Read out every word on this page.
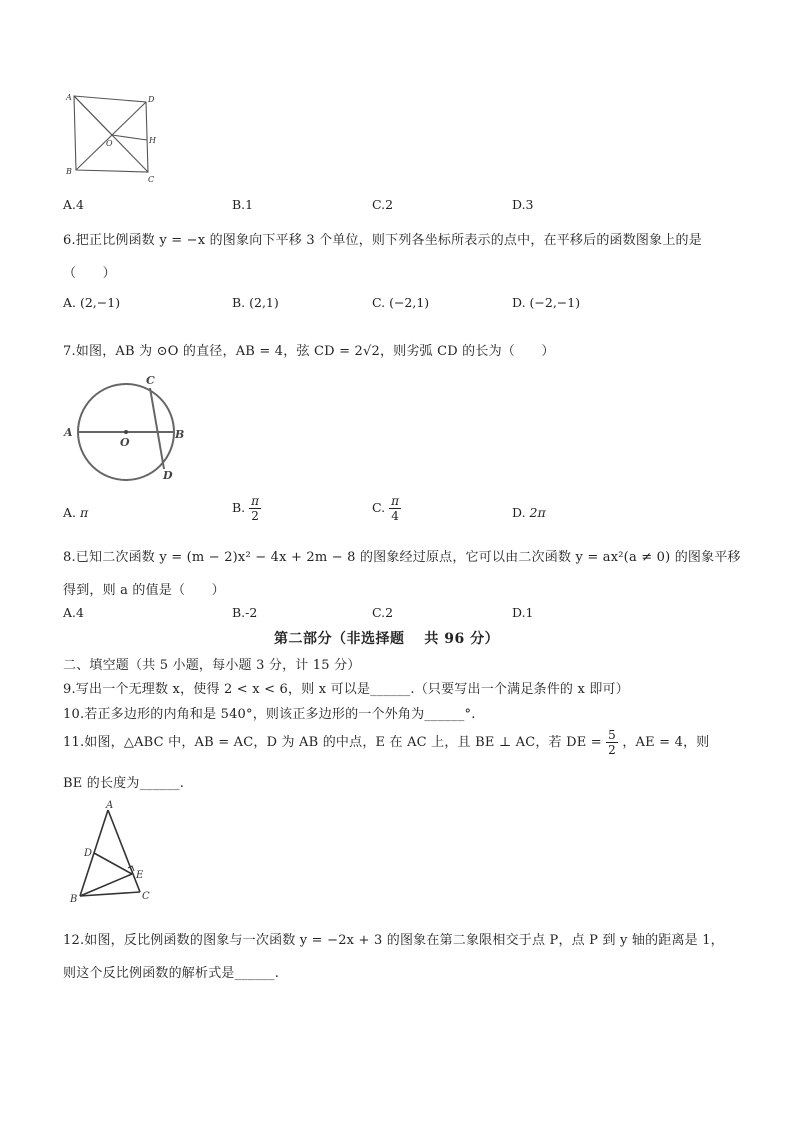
A	D
O	H
B
C
A.4	B.1	C.2	D.3
6.把正比例函数 y = −x 的图象向下平移 3 个单位，则下列各坐标所表示的点中，在平移后的函数图象上的是
（　　）
A. (2,−1)	B. (2,1)	C. (−2,1)	D. (−2,−1)
7.如图，AB 为 ⊙O 的直径，AB = 4，弦 CD = 2√2，则劣弧 CD 的长为（　　）
A
O
B
C
D
A. π	B. $\frac{\pi}{2}$	C. $\frac{\pi}{4}$	D. 2π
8.已知二次函数 y = (m − 2)x² − 4x + 2m − 8 的图象经过原点，它可以由二次函数 y = ax²(a ≠ 0) 的图象平移
得到，则 a 的值是（　　）
A.4	B.-2	C.2	D.1
第二部分（非选择题　 共 96 分）
二、填空题（共 5 小题，每小题 3 分，计 15 分）
9.写出一个无理数 x，使得 2 < x < 6，则 x 可以是______.（只要写出一个满足条件的 x 即可）
10.若正多边形的内角和是 540°，则该正多边形的一个外角为______°.
11.如图，△ABC 中，AB = AC，D 为 AB 的中点，E 在 AC 上，且 BE ⊥ AC，若 DE = $\frac{5}{2}$ ，AE = 4，则
BE 的长度为______.
A
D
E
B	C
12.如图，反比例函数的图象与一次函数 y = −2x + 3 的图象在第二象限相交于点 P，点 P 到 y 轴的距离是 1，
则这个反比例函数的解析式是______.
